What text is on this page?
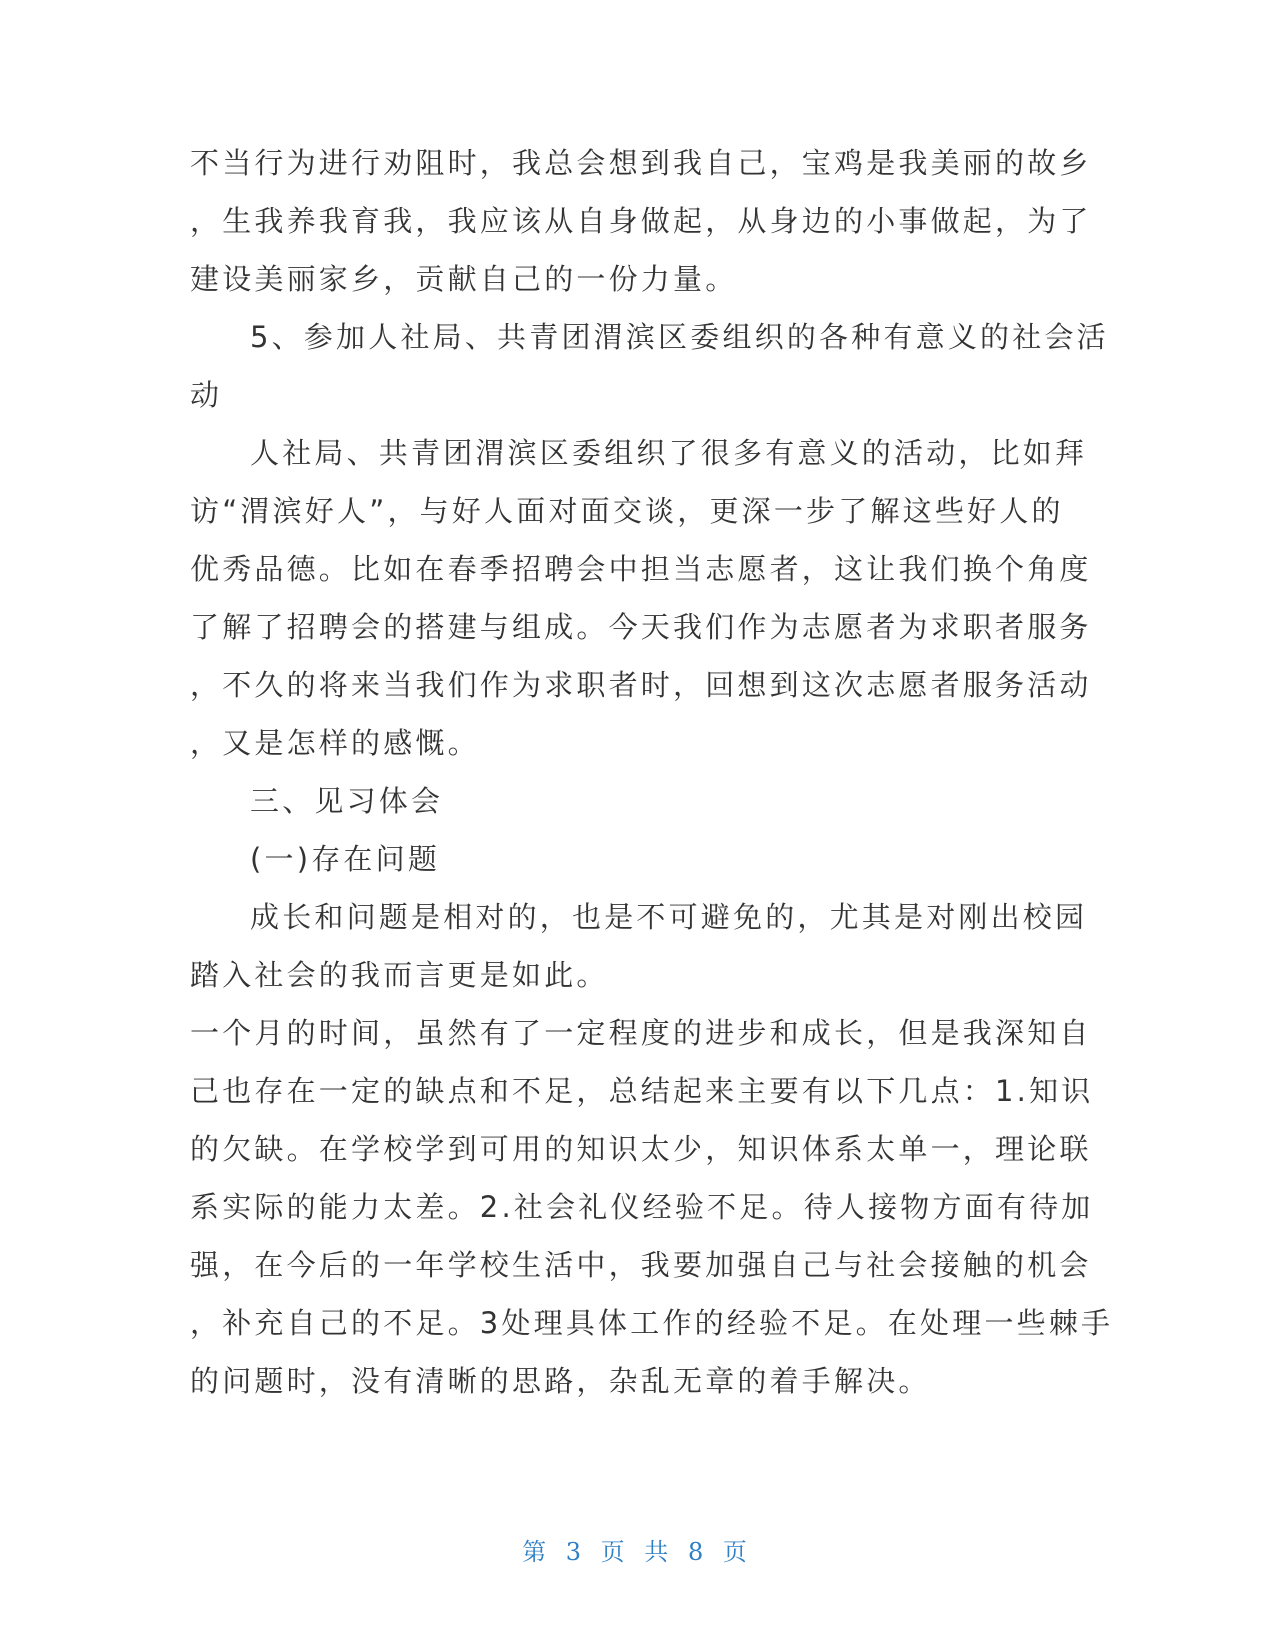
不当行为进行劝阻时，我总会想到我自己，宝鸡是我美丽的故乡
，生我养我育我，我应该从自身做起，从身边的小事做起，为了
建设美丽家乡，贡献自己的一份力量。
5、参加人社局、共青团渭滨区委组织的各种有意义的社会活
动
人社局、共青团渭滨区委组织了很多有意义的活动，比如拜
访“渭滨好人”，与好人面对面交谈，更深一步了解这些好人的
优秀品德。比如在春季招聘会中担当志愿者，这让我们换个角度
了解了招聘会的搭建与组成。今天我们作为志愿者为求职者服务
，不久的将来当我们作为求职者时，回想到这次志愿者服务活动
，又是怎样的感慨。
三、见习体会
(一)存在问题
成长和问题是相对的，也是不可避免的，尤其是对刚出校园
踏入社会的我而言更是如此。
一个月的时间，虽然有了一定程度的进步和成长，但是我深知自
己也存在一定的缺点和不足，总结起来主要有以下几点：1.知识
的欠缺。在学校学到可用的知识太少，知识体系太单一，理论联
系实际的能力太差。2.社会礼仪经验不足。待人接物方面有待加
强，在今后的一年学校生活中，我要加强自己与社会接触的机会
，补充自己的不足。3处理具体工作的经验不足。在处理一些棘手
的问题时，没有清晰的思路，杂乱无章的着手解决。
第 3 页 共 8 页
